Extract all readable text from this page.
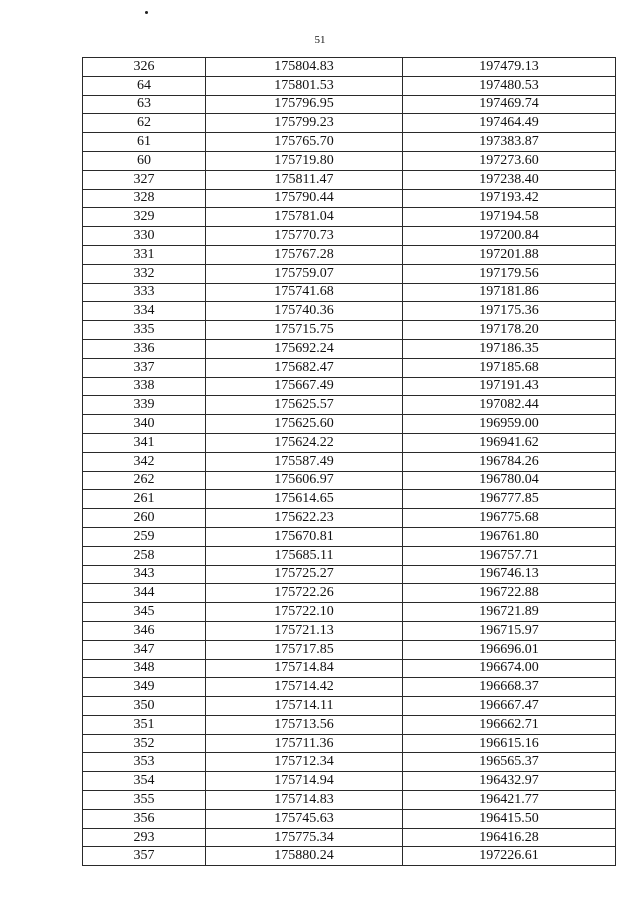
51
326	175804.83	197479.13
64	175801.53	197480.53
63	175796.95	197469.74
62	175799.23	197464.49
61	175765.70	197383.87
60	175719.80	197273.60
327	175811.47	197238.40
328	175790.44	197193.42
329	175781.04	197194.58
330	175770.73	197200.84
331	175767.28	197201.88
332	175759.07	197179.56
333	175741.68	197181.86
334	175740.36	197175.36
335	175715.75	197178.20
336	175692.24	197186.35
337	175682.47	197185.68
338	175667.49	197191.43
339	175625.57	197082.44
340	175625.60	196959.00
341	175624.22	196941.62
342	175587.49	196784.26
262	175606.97	196780.04
261	175614.65	196777.85
260	175622.23	196775.68
259	175670.81	196761.80
258	175685.11	196757.71
343	175725.27	196746.13
344	175722.26	196722.88
345	175722.10	196721.89
346	175721.13	196715.97
347	175717.85	196696.01
348	175714.84	196674.00
349	175714.42	196668.37
350	175714.11	196667.47
351	175713.56	196662.71
352	175711.36	196615.16
353	175712.34	196565.37
354	175714.94	196432.97
355	175714.83	196421.77
356	175745.63	196415.50
293	175775.34	196416.28
357	175880.24	197226.61
